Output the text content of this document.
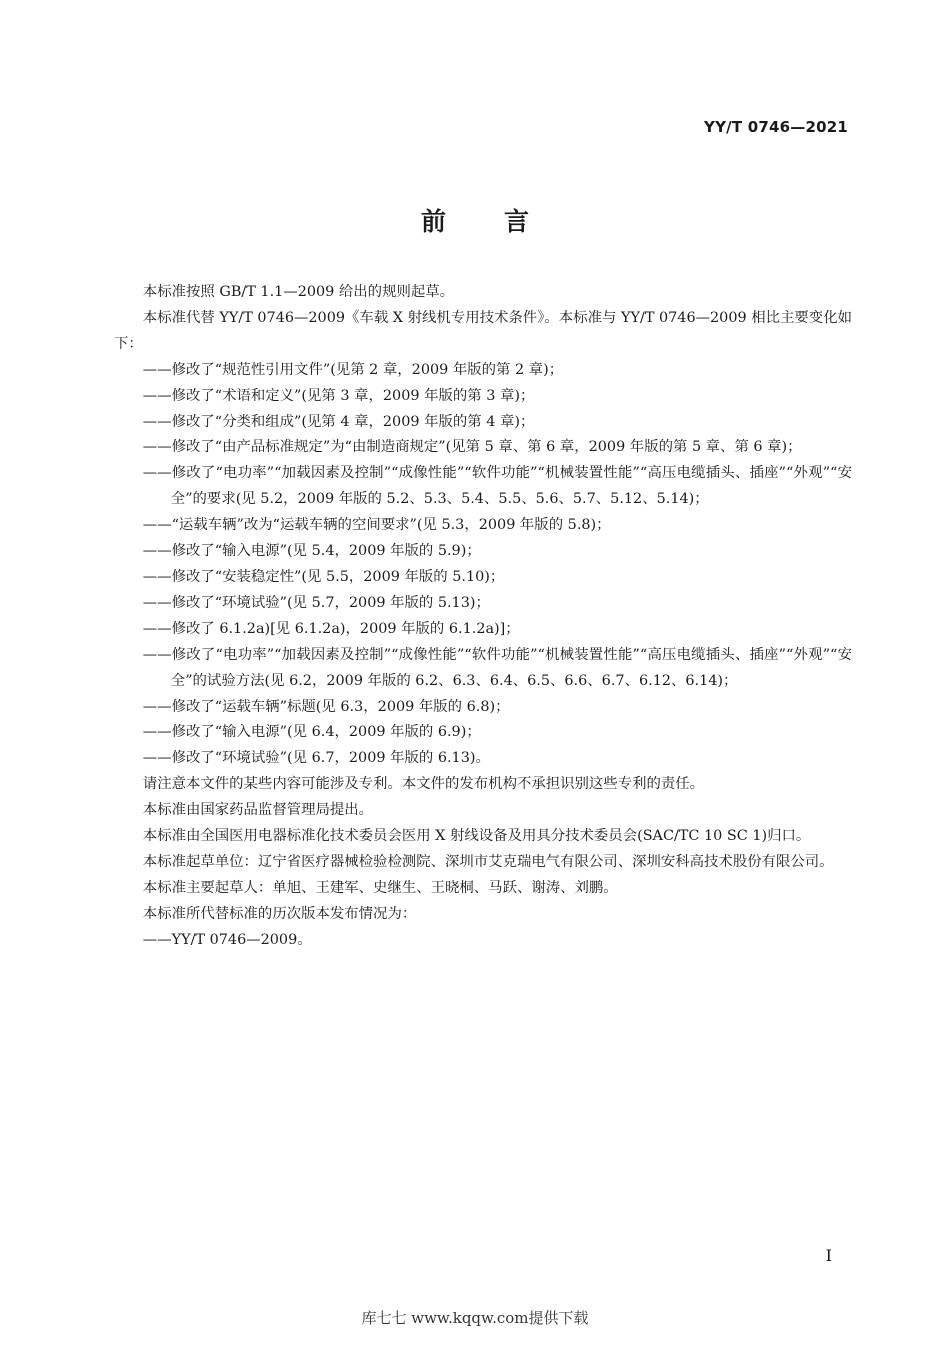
YY/T 0746—2021
前言

本标准按照 GB/T 1.1—2009 给出的规则起草。

本标准代替 YY/T 0746—2009《车载 X 射线机专用技术条件》。本标准与 YY/T 0746—2009 相比主要变化如下：

——修改了“规范性引用文件”(见第 2 章，2009 年版的第 2 章)；

——修改了“术语和定义”(见第 3 章，2009 年版的第 3 章)；

——修改了“分类和组成”(见第 4 章，2009 年版的第 4 章)；

——修改了“由产品标准规定”为“由制造商规定”(见第 5 章、第 6 章，2009 年版的第 5 章、第 6 章)；

——修改了“电功率”“加载因素及控制”“成像性能”“软件功能”“机械装置性能”“高压电缆插头、插座”“外观”“安全”的要求(见 5.2，2009 年版的 5.2、5.3、5.4、5.5、5.6、5.7、5.12、5.14)；

——“运载车辆”改为“运载车辆的空间要求”(见 5.3，2009 年版的 5.8)；

——修改了“输入电源”(见 5.4，2009 年版的 5.9)；

——修改了“安装稳定性”(见 5.5，2009 年版的 5.10)；

——修改了“环境试验”(见 5.7，2009 年版的 5.13)；

——修改了 6.1.2a)[见 6.1.2a)，2009 年版的 6.1.2a)]；

——修改了“电功率”“加载因素及控制”“成像性能”“软件功能”“机械装置性能”“高压电缆插头、插座”“外观”“安全”的试验方法(见 6.2，2009 年版的 6.2、6.3、6.4、6.5、6.6、6.7、6.12、6.14)；

——修改了“运载车辆”标题(见 6.3，2009 年版的 6.8)；

——修改了“输入电源”(见 6.4，2009 年版的 6.9)；

——修改了“环境试验”(见 6.7，2009 年版的 6.13)。

请注意本文件的某些内容可能涉及专利。本文件的发布机构不承担识别这些专利的责任。

本标准由国家药品监督管理局提出。

本标准由全国医用电器标准化技术委员会医用 X 射线设备及用具分技术委员会(SAC/TC 10 SC 1)归口。

本标准起草单位：辽宁省医疗器械检验检测院、深圳市艾克瑞电气有限公司、深圳安科高技术股份有限公司。

本标准主要起草人：单旭、王建军、史继生、王晓桐、马跃、谢涛、刘鹏。

本标准所代替标准的历次版本发布情况为：

——YY/T 0746—2009。

I
库七七 www.kqqw.com提供下载
